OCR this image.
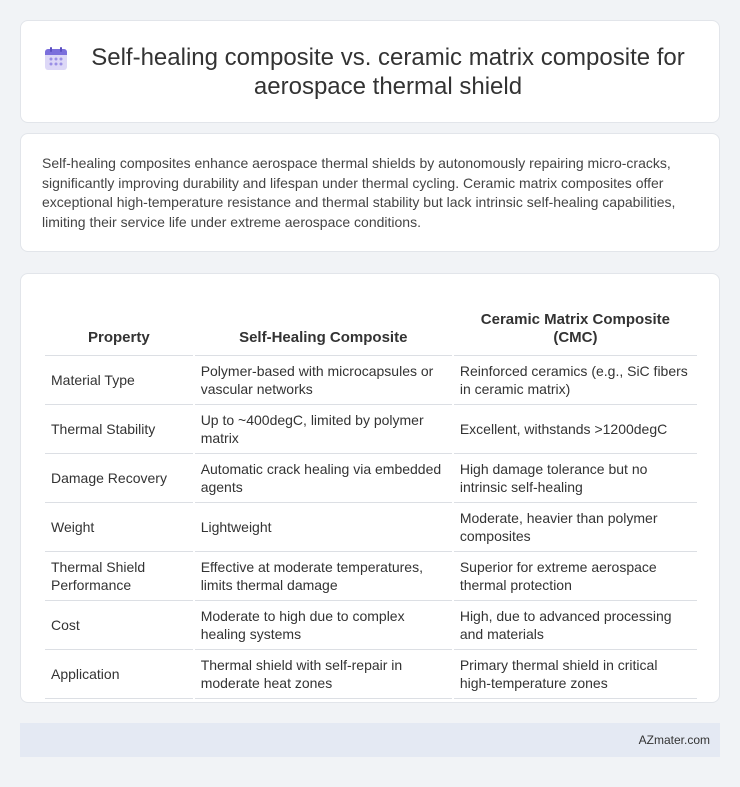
Self-healing composite vs. ceramic matrix composite for aerospace thermal shield

Self-healing composites enhance aerospace thermal shields by autonomously repairing micro-cracks, significantly improving durability and lifespan under thermal cycling. Ceramic matrix composites offer exceptional high-temperature resistance and thermal stability but lack intrinsic self-healing capabilities, limiting their service life under extreme aerospace conditions.

Property	Self-Healing Composite	Ceramic Matrix Composite (CMC)
Material Type	Polymer-based with microcapsules or vascular networks	Reinforced ceramics (e.g., SiC fibers in ceramic matrix)
Thermal Stability	Up to ~400degC, limited by polymer matrix	Excellent, withstands >1200degC
Damage Recovery	Automatic crack healing via embedded agents	High damage tolerance but no intrinsic self-healing
Weight	Lightweight	Moderate, heavier than polymer composites
Thermal Shield Performance	Effective at moderate temperatures, limits thermal damage	Superior for extreme aerospace thermal protection
Cost	Moderate to high due to complex healing systems	High, due to advanced processing and materials
Application	Thermal shield with self-repair in moderate heat zones	Primary thermal shield in critical high-temperature zones
AZmater.com
